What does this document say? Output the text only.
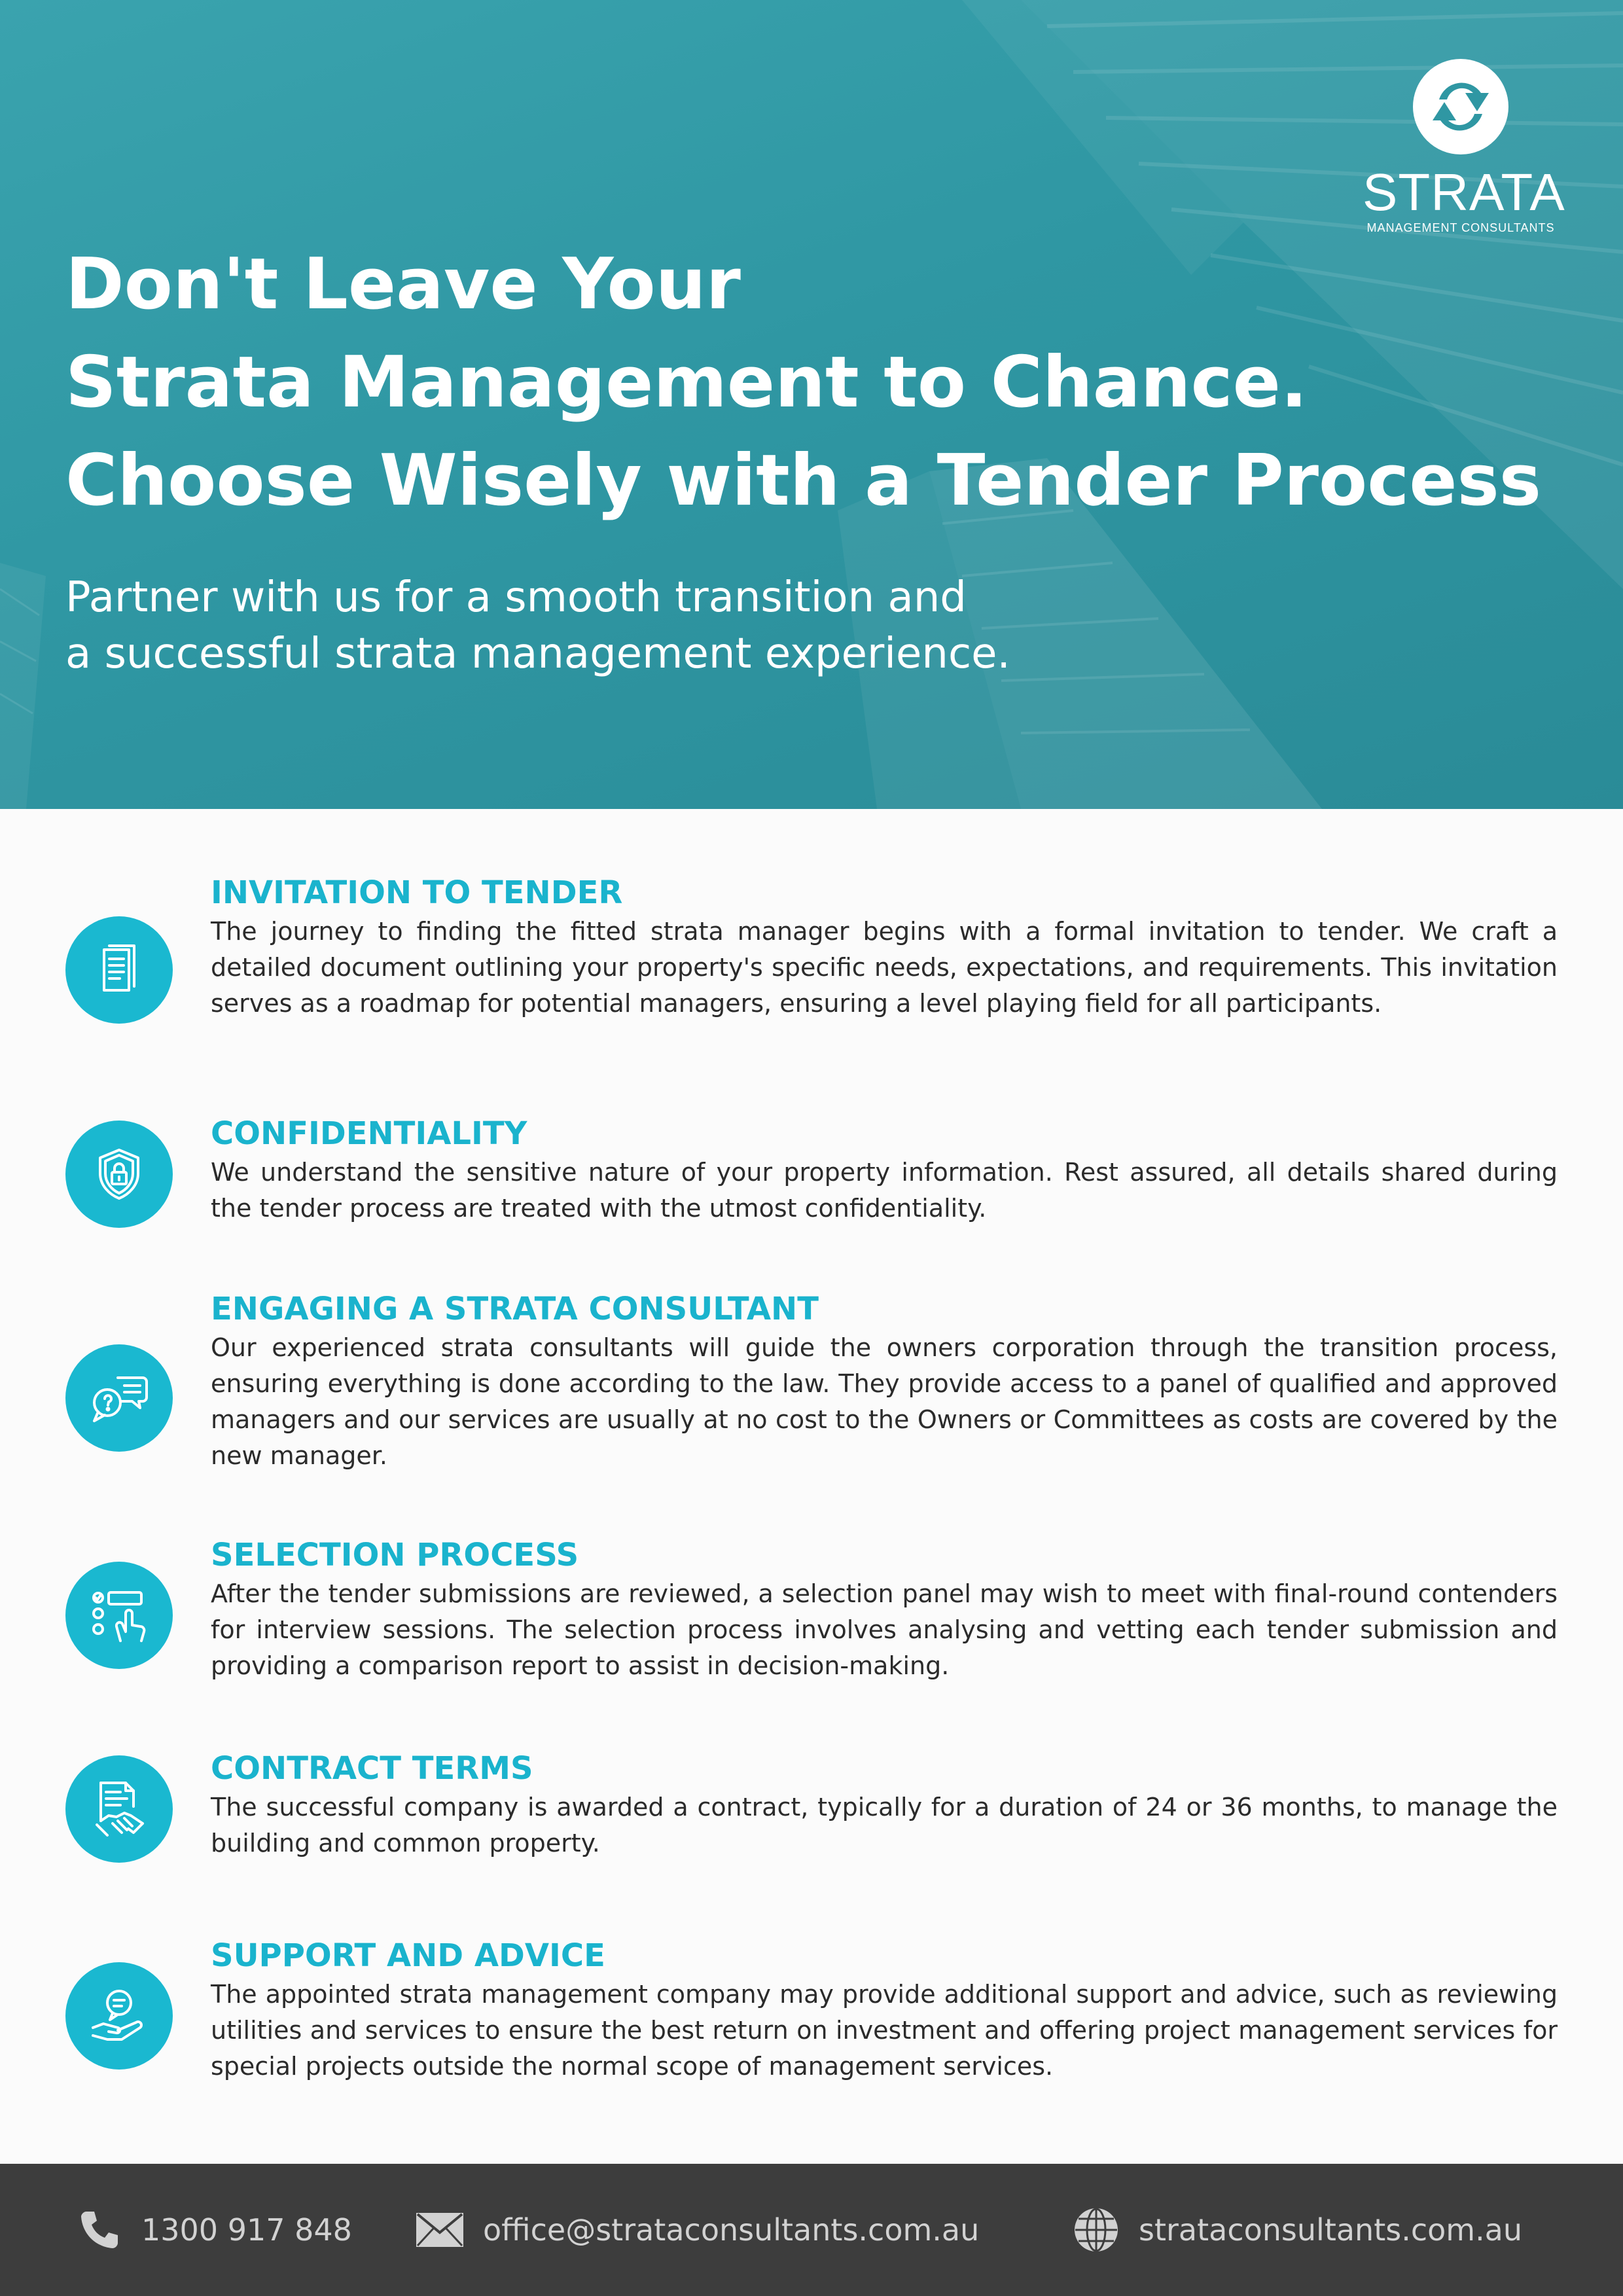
STRATA
MANAGEMENT CONSULTANTS
Don't Leave Your
Strata Management to Chance.
Choose Wisely with a Tender Process
Partner with us for a smooth transition and
a successful strata management experience.
INVITATION TO TENDER

The journey to finding the fitted strata manager begins with a formal invitation to tender. We craft a detailed document outlining your property's specific needs, expectations, and requirements. This invitation serves as a roadmap for potential managers, ensuring a level playing field for all participants.

CONFIDENTIALITY

We understand the sensitive nature of your property information. Rest assured, all details shared during the tender process are treated with the utmost confidentiality.

ENGAGING A STRATA CONSULTANT

Our experienced strata consultants will guide the owners corporation through the transition process, ensuring everything is done according to the law. They provide access to a panel of qualified and approved managers and our services are usually at no cost to the Owners or Committees as costs are covered by the new manager.

SELECTION PROCESS

After the tender submissions are reviewed, a selection panel may wish to meet with final-round contenders for interview sessions. The selection process involves analysing and vetting each tender submission and providing a comparison report to assist in decision-making.

CONTRACT TERMS

The successful company is awarded a contract, typically for a duration of 24 or 36 months, to manage the building and common property.

SUPPORT AND ADVICE

The appointed strata management company may provide additional support and advice, such as reviewing utilities and services to ensure the best return on investment and offering project management services for special projects outside the normal scope of management services.

1300 917 848	office@strataconsultants.com.au	strataconsultants.com.au
